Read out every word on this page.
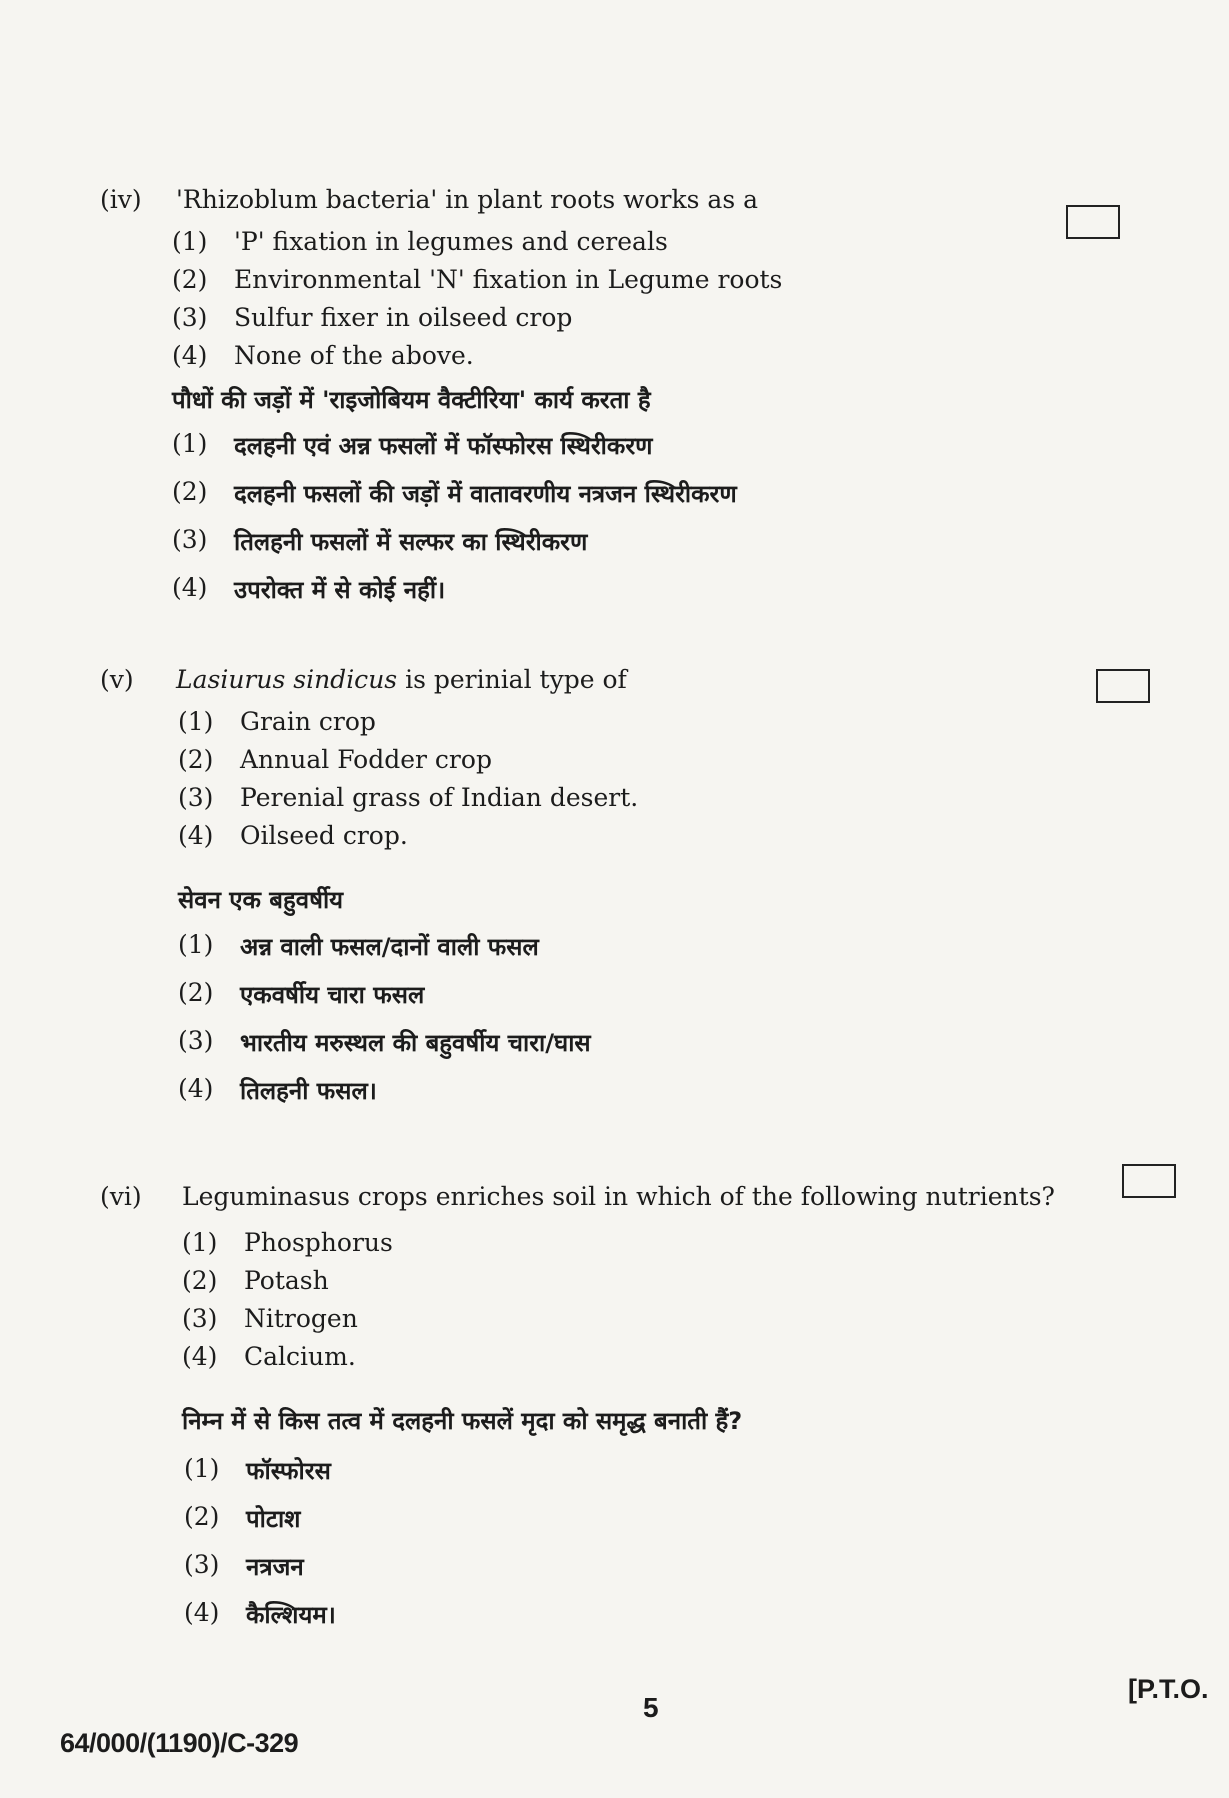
(iv) 'Rhizoblum bacteria' in plant roots works as a
(1) 'P' fixation in legumes and cereals
(2) Environmental 'N' fixation in Legume roots
(3) Sulfur fixer in oilseed crop
(4) None of the above.
पौधों की जड़ों में 'राइजोबियम वैक्टीरिया' कार्य करता है
(1) दलहनी एवं अन्न फसलों में फॉस्फोरस स्थिरीकरण
(2) दलहनी फसलों की जड़ों में वातावरणीय नत्रजन स्थिरीकरण
(3) तिलहनी फसलों में सल्फर का स्थिरीकरण
(4) उपरोक्त में से कोई नहीं।
(v) Lasiurus sindicus is perinial type of
(1) Grain crop
(2) Annual Fodder crop
(3) Perenial grass of Indian desert.
(4) Oilseed crop.
सेवन एक बहुवर्षीय
(1) अन्न वाली फसल/दानों वाली फसल
(2) एकवर्षीय चारा फसल
(3) भारतीय मरुस्थल की बहुवर्षीय चारा/घास
(4) तिलहनी फसल।
(vi) Leguminasus crops enriches soil in which of the following nutrients?
(1) Phosphorus
(2) Potash
(3) Nitrogen
(4) Calcium.
निम्न में से किस तत्व में दलहनी फसलें मृदा को समृद्ध बनाती हैं?
(1) फॉस्फोरस
(2) पोटाश
(3) नत्रजन
(4) कैल्शियम।
5
[P.T.O.
64/000/(1190)/C-329
